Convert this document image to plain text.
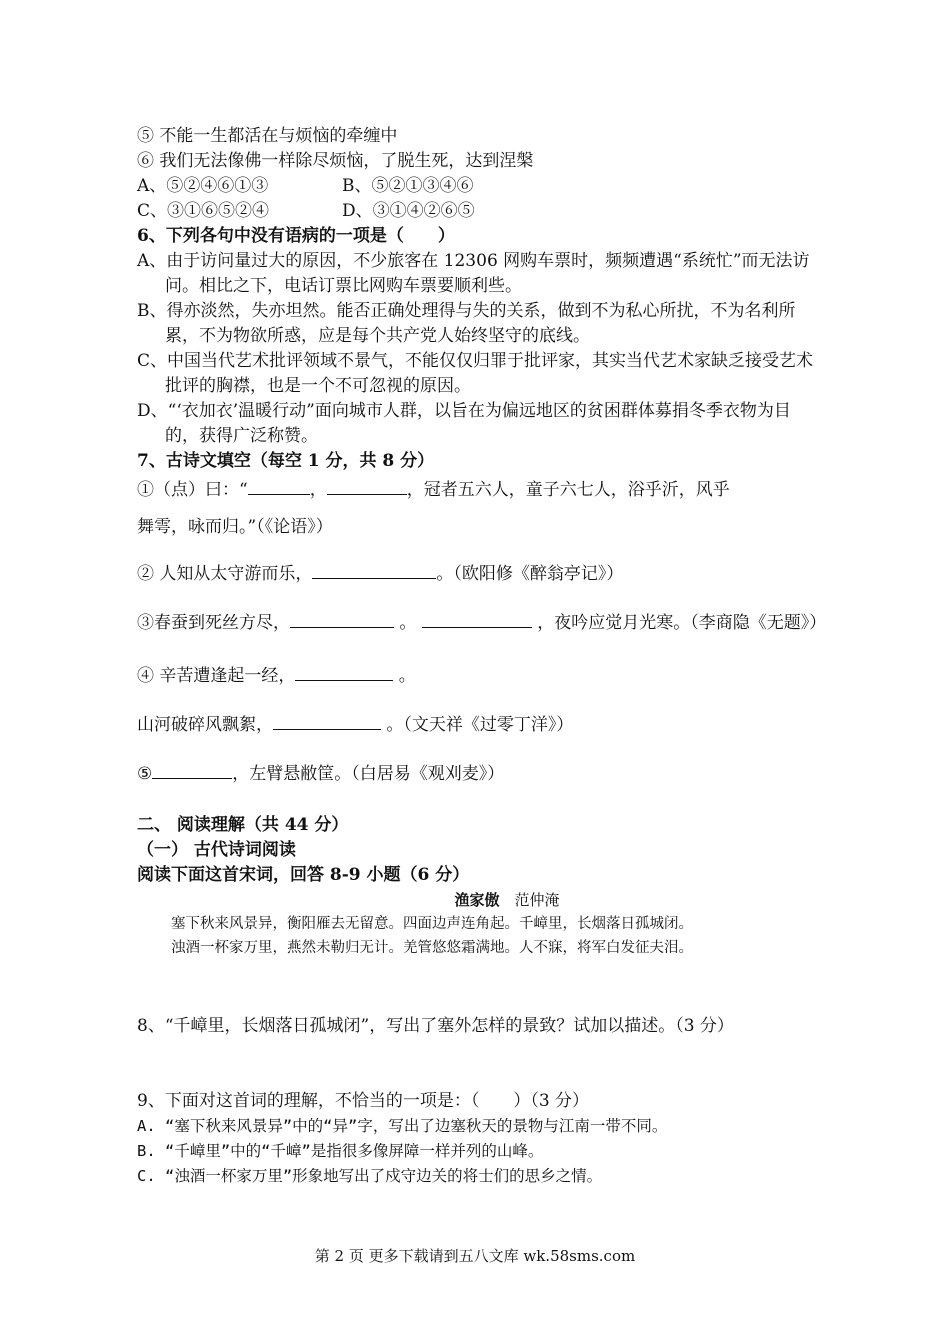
⑤ 不能一生都活在与烦恼的牵缠中
⑥ 我们无法像佛一样除尽烦恼，了脱生死，达到涅槃
A、⑤②④⑥①③	B、⑤②①③④⑥
C、③①⑥⑤②④	D、③①④②⑥⑤
6、下列各句中没有语病的一项是（　　）
A、由于访问量过大的原因，不少旅客在 12306 网购车票时，频频遭遇“系统忙”而无法访问。相比之下，电话订票比网购车票要顺利些。
B、得亦淡然，失亦坦然。能否正确处理得与失的关系，做到不为私心所扰，不为名利所累，不为物欲所惑，应是每个共产党人始终坚守的底线。
C、中国当代艺术批评领域不景气，不能仅仅归罪于批评家，其实当代艺术家缺乏接受艺术批评的胸襟，也是一个不可忽视的原因。
D、“‘衣加衣’温暖行动”面向城市人群，以旨在为偏远地区的贫困群体募捐冬季衣物为目的，获得广泛称赞。
7、古诗文填空（每空 1 分，共 8 分）
①（点）曰：“	，	，冠者五六人，童子六七人，浴乎沂，风乎
舞雩，咏而归。”（《论语》）
② 人知从太守游而乐，	。（欧阳修《醉翁亭记》）
③春蚕到死丝方尽，	。	，夜吟应觉月光寒。（李商隐《无题》）
④ 辛苦遭逢起一经，	。
山河破碎风飘絮，	。（文天祥《过零丁洋》）
⑤	，左臂悬敝筐。（白居易《观刈麦》）
二、 阅读理解（共 44 分）
（一） 古代诗词阅读
阅读下面这首宋词，回答 8-9 小题（6 分）
渔家傲　 范仲淹
塞下秋来风景异，衡阳雁去无留意。四面边声连角起。千嶂里，长烟落日孤城闭。
浊酒一杯家万里，燕然未勒归无计。羌管悠悠霜满地。人不寐，将军白发征夫泪。
8、“千嶂里，长烟落日孤城闭”，写出了塞外怎样的景致？试加以描述。（3 分）
9、下面对这首词的理解，不恰当的一项是：（　　）（3 分）
A. “塞下秋来风景异”中的“异”字，写出了边塞秋天的景物与江南一带不同。
B. “千嶂里”中的“千嶂”是指很多像屏障一样并列的山峰。
C. “浊酒一杯家万里”形象地写出了戍守边关的将士们的思乡之情。
第 2 页 更多下载请到五八文库 wk.58sms.com
